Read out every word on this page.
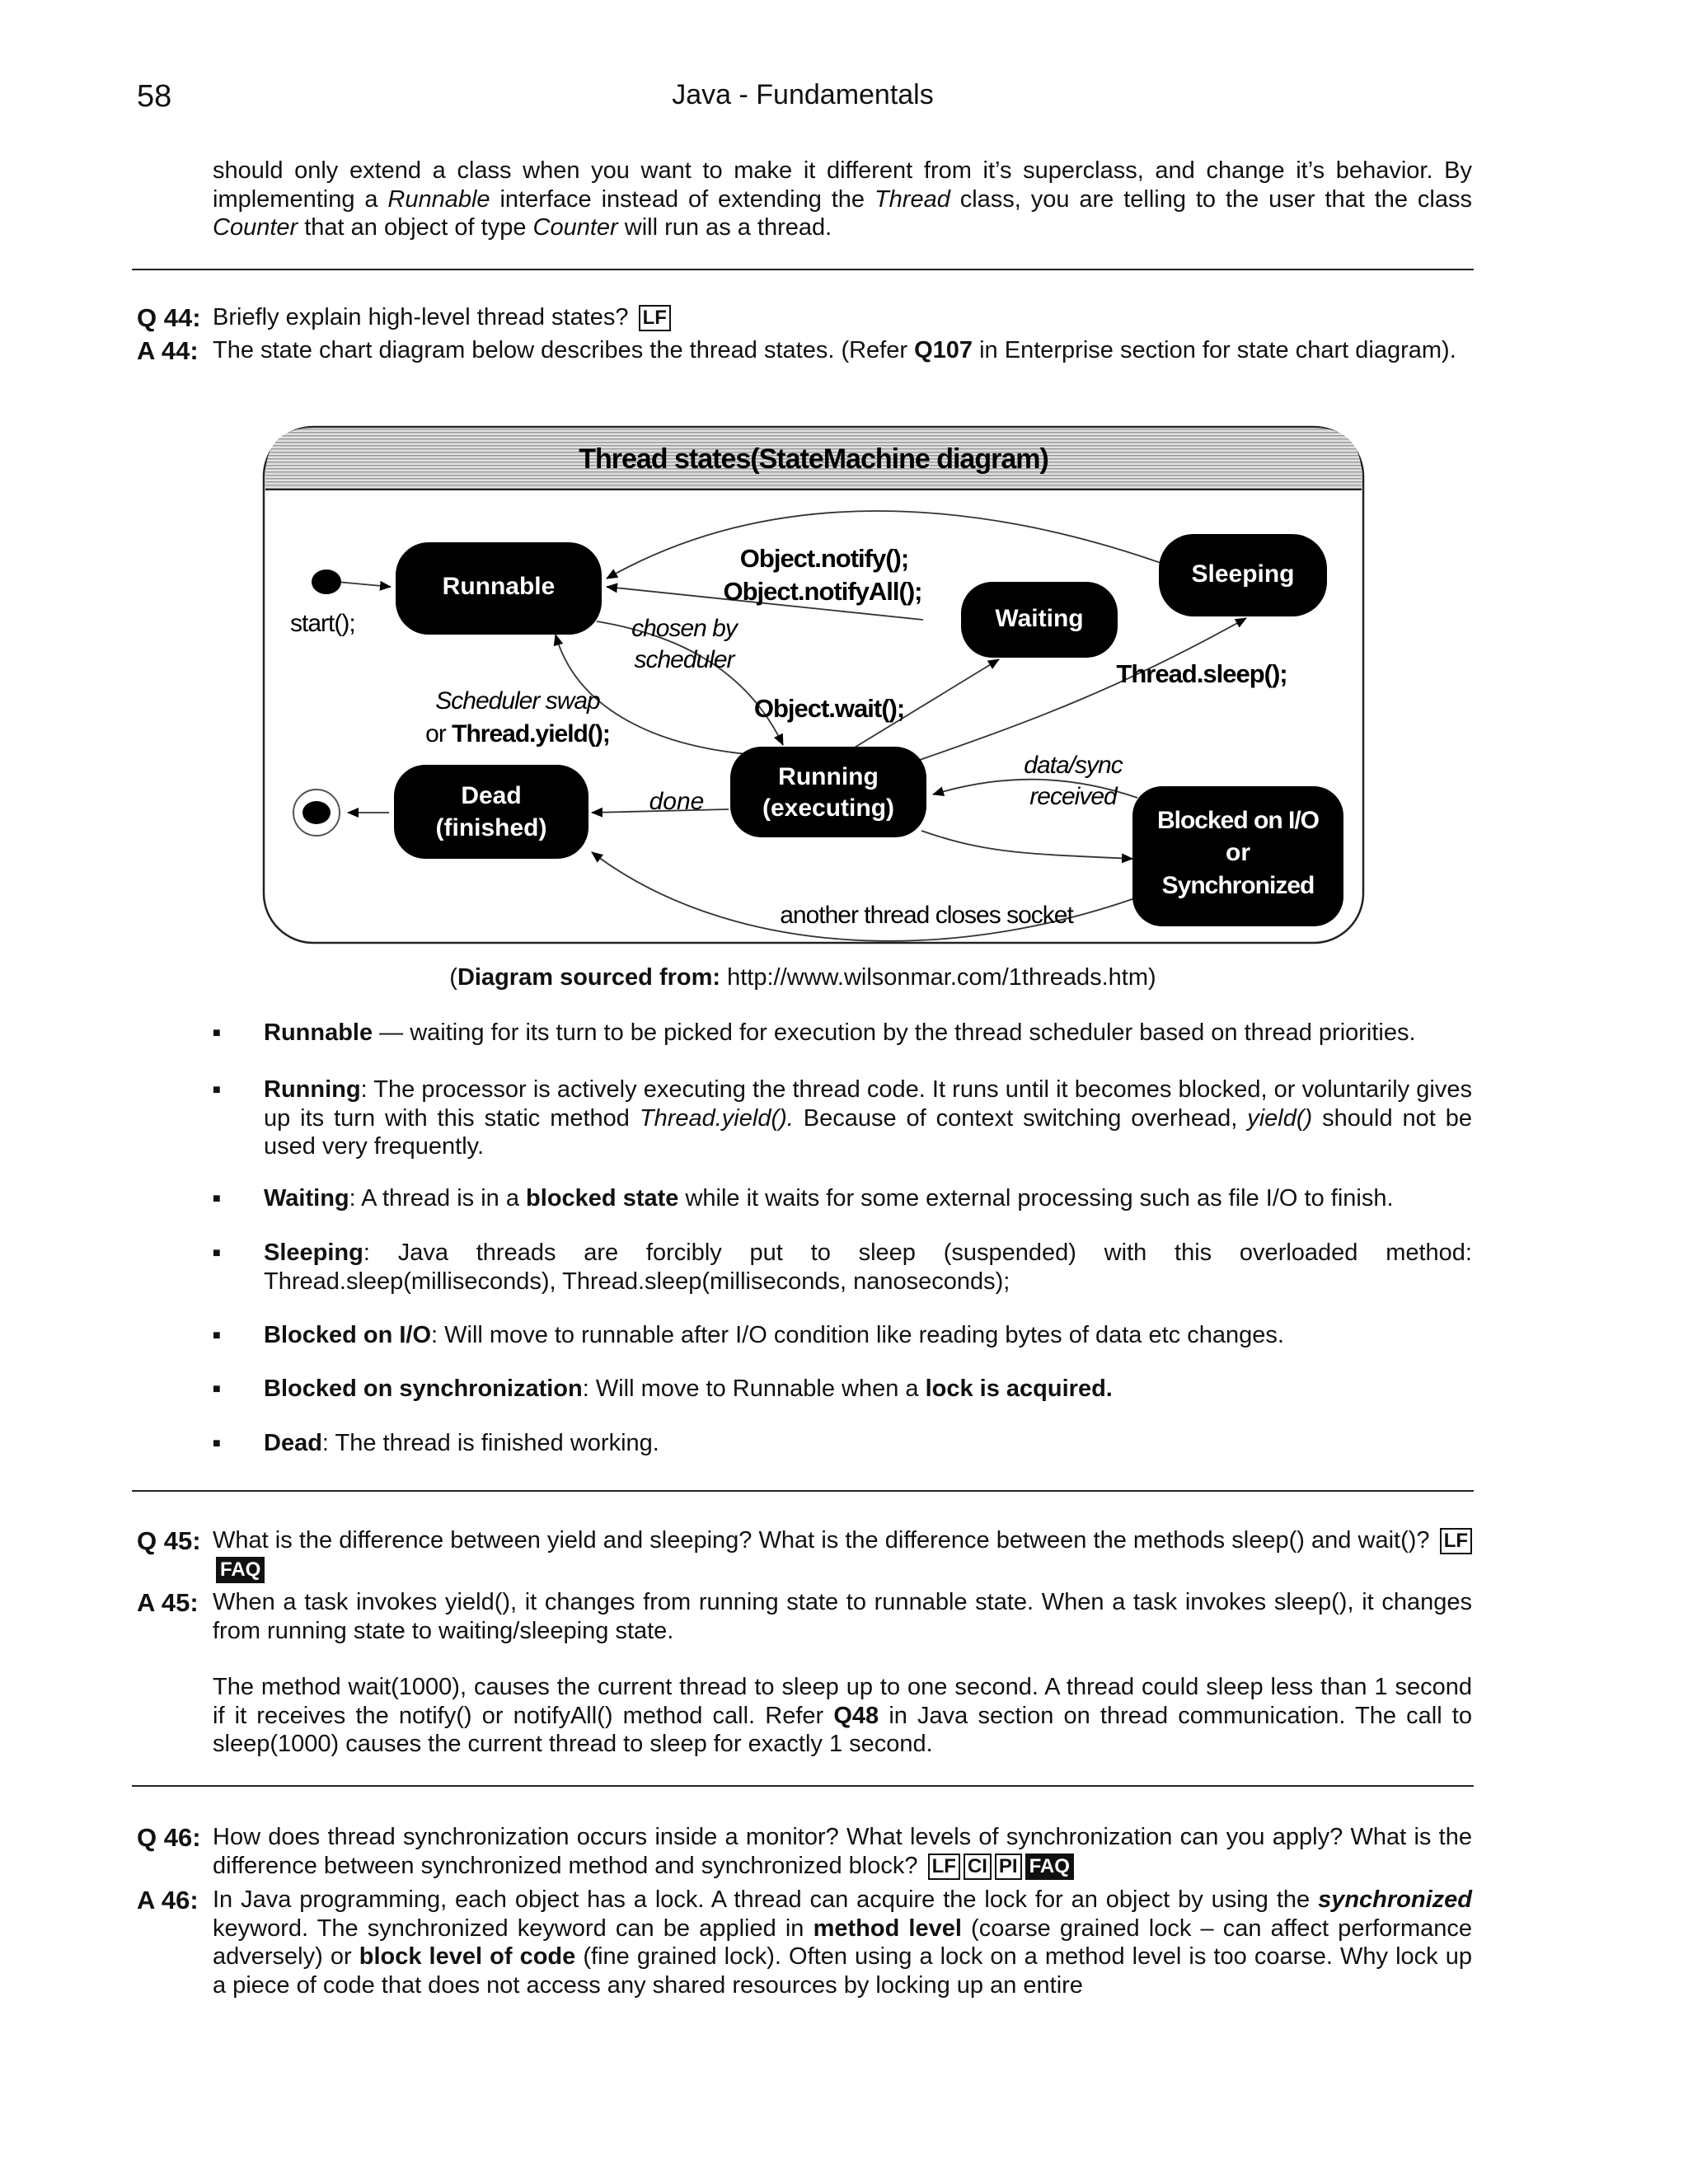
58	Java - Fundamentals
should only extend a class when you want to make it different from it’s superclass, and change it’s behavior. By implementing a Runnable interface instead of extending the Thread class, you are telling to the user that the class Counter that an object of type Counter will run as a thread.
Q 44: Briefly explain high-level thread states? LF
A 44: The state chart diagram below describes the thread states. (Refer Q107 in Enterprise section for state chart diagram).
Thread states(StateMachine diagram)
Runnable
Waiting
Sleeping
Running
(executing)
Dead
(finished)	Blocked on I/O
or
Synchronized
start();
Object.notify();
Object.notifyAll();
chosen by
scheduler
Scheduler swap
or Thread.yield();
Object.wait();
Thread.sleep();
data/sync
received
done
another thread closes socket
(Diagram sourced from: http://www.wilsonmar.com/1threads.htm)
■ Runnable — waiting for its turn to be picked for execution by the thread scheduler based on thread priorities.
■ Running: The processor is actively executing the thread code. It runs until it becomes blocked, or voluntarily gives up its turn with this static method Thread.yield(). Because of context switching overhead, yield() should not be used very frequently.
■ Waiting: A thread is in a blocked state while it waits for some external processing such as file I/O to finish.
■ Sleeping: Java threads are forcibly put to sleep (suspended) with this overloaded method: Thread.sleep(milliseconds), Thread.sleep(milliseconds, nanoseconds);
■ Blocked on I/O: Will move to runnable after I/O condition like reading bytes of data etc changes.
■ Blocked on synchronization: Will move to Runnable when a lock is acquired.
■ Dead: The thread is finished working.
Q 45: What is the difference between yield and sleeping? What is the difference between the methods sleep() and wait()? LFFAQ
A 45: When a task invokes yield(), it changes from running state to runnable state. When a task invokes sleep(), it changes from running state to waiting/sleeping state.
The method wait(1000), causes the current thread to sleep up to one second. A thread could sleep less than 1 second if it receives the notify() or notifyAll() method call. Refer Q48 in Java section on thread communication. The call to sleep(1000) causes the current thread to sleep for exactly 1 second.
Q 46: How does thread synchronization occurs inside a monitor? What levels of synchronization can you apply? What is the difference between synchronized method and synchronized block? LF CI PI FAQ
A 46: In Java programming, each object has a lock. A thread can acquire the lock for an object by using the synchronized keyword. The synchronized keyword can be applied in method level (coarse grained lock – can affect performance adversely) or block level of code (fine grained lock). Often using a lock on a method level is too coarse. Why lock up a piece of code that does not access any shared resources by locking up an entire
